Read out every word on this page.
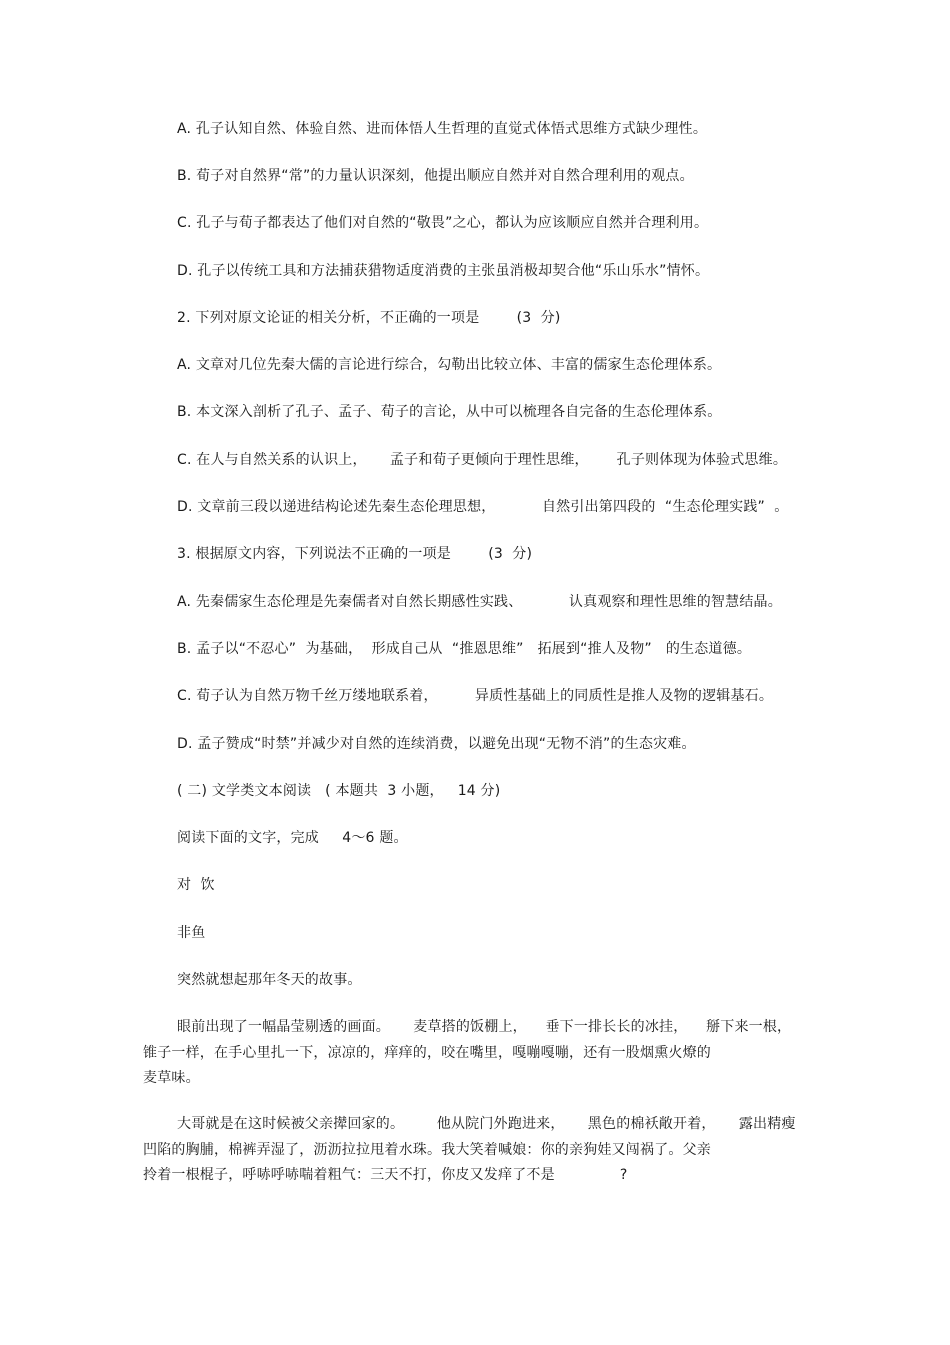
A. 孔子认知自然、体验自然、进而体悟人生哲理的直觉式体悟式思维方式缺少理性。
B. 荀子对自然界“常”的力量认识深刻，他提出顺应自然并对自然合理利用的观点。
C. 孔子与荀子都表达了他们对自然的“敬畏”之心，都认为应该顺应自然并合理利用。
D. 孔子以传统工具和方法捕获猎物适度消费的主张虽消极却契合他“乐山乐水”情怀。
2. 下列对原文论证的相关分析，不正确的一项是        (3  分)
A. 文章对几位先秦大儒的言论进行综合，勾勒出比较立体、丰富的儒家生态伦理体系。
B. 本文深入剖析了孔子、孟子、荀子的言论，从中可以梳理各自完备的生态伦理体系。
C. 在人与自然关系的认识上，     孟子和荀子更倾向于理性思维，      孔子则体现为体验式思维。
D. 文章前三段以递进结构论述先秦生态伦理思想，          自然引出第四段的  “生态伦理实践”  。
3. 根据原文内容，下列说法不正确的一项是        (3  分)
A. 先秦儒家生态伦理是先秦儒者对自然长期感性实践、          认真观察和理性思维的智慧结晶。
B. 孟子以“不忍心”  为基础，  形成自己从  “推恩思维”   拓展到“推人及物”   的生态道德。
C. 荀子认为自然万物千丝万缕地联系着，        异质性基础上的同质性是推人及物的逻辑基石。
D. 孟子赞成“时禁”并减少对自然的连续消费，以避免出现“无物不消”的生态灾难。
( 二) 文学类文本阅读   ( 本题共  3 小题，   14 分)
阅读下面的文字，完成     4～6 题。
对  饮
非鱼
突然就想起那年冬天的故事。
眼前出现了一幅晶莹剔透的画面。     麦草搭的饭棚上，    垂下一排长长的冰挂，    掰下来一根，
锥子一样，在手心里扎一下，凉凉的，痒痒的，咬在嘴里，嘎嘣嘎嘣，还有一股烟熏火燎的
麦草味。
大哥就是在这时候被父亲撵回家的。       他从院门外跑进来，     黑色的棉袄敞开着，     露出精瘦
凹陷的胸脯，棉裤弄湿了，沥沥拉拉甩着水珠。我大笑着喊娘：你的亲狗娃又闯祸了。父亲
拎着一根棍子，呼哧呼哧喘着粗气：三天不打，你皮又发痒了不是              ?
